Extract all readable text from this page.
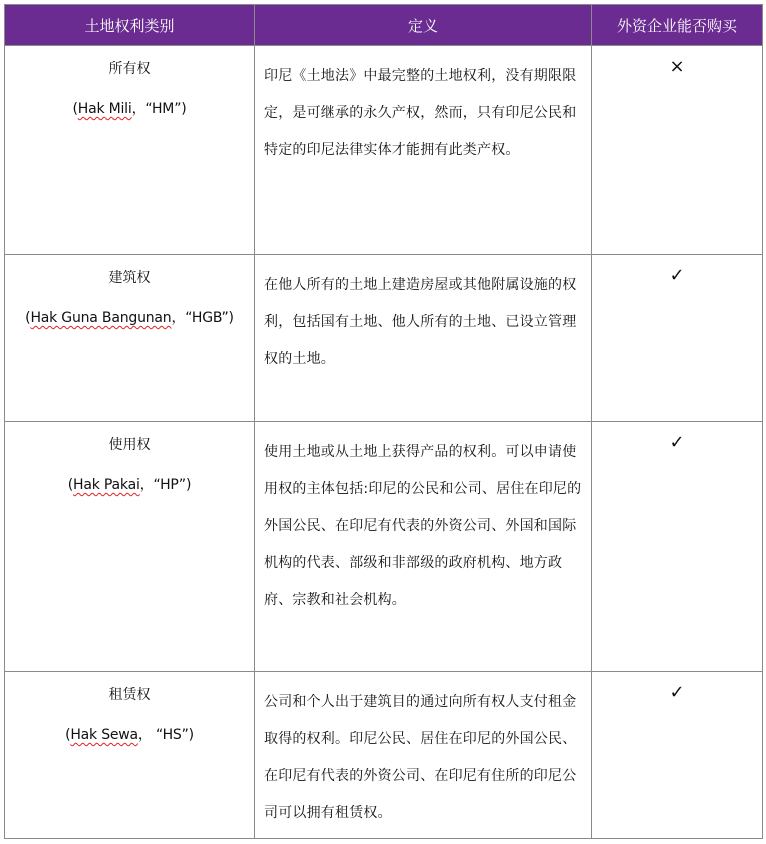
土地权利类别	定义	外资企业能否购买

所有权
(Hak Mili，“HM”)	印尼《土地法》中最完整的土地权利，没有期限限定，是可继承的永久产权，然而，只有印尼公民和特定的印尼法律实体才能拥有此类产权。	×

建筑权
(Hak Guna Bangunan，“HGB”)	在他人所有的土地上建造房屋或其他附属设施的权利，包括国有土地、他人所有的土地、已设立管理权的土地。	✓

使用权
(Hak Pakai，“HP”)	使用土地或从土地上获得产品的权利。可以申请使用权的主体包括:印尼的公民和公司、居住在印尼的外国公民、在印尼有代表的外资公司、外国和国际机构的代表、部级和非部级的政府机构、地方政府、宗教和社会机构。	✓

租赁权
(Hak Sewa， “HS”)	公司和个人出于建筑目的通过向所有权人支付租金取得的权利。印尼公民、居住在印尼的外国公民、在印尼有代表的外资公司、在印尼有住所的印尼公司可以拥有租赁权。	✓
